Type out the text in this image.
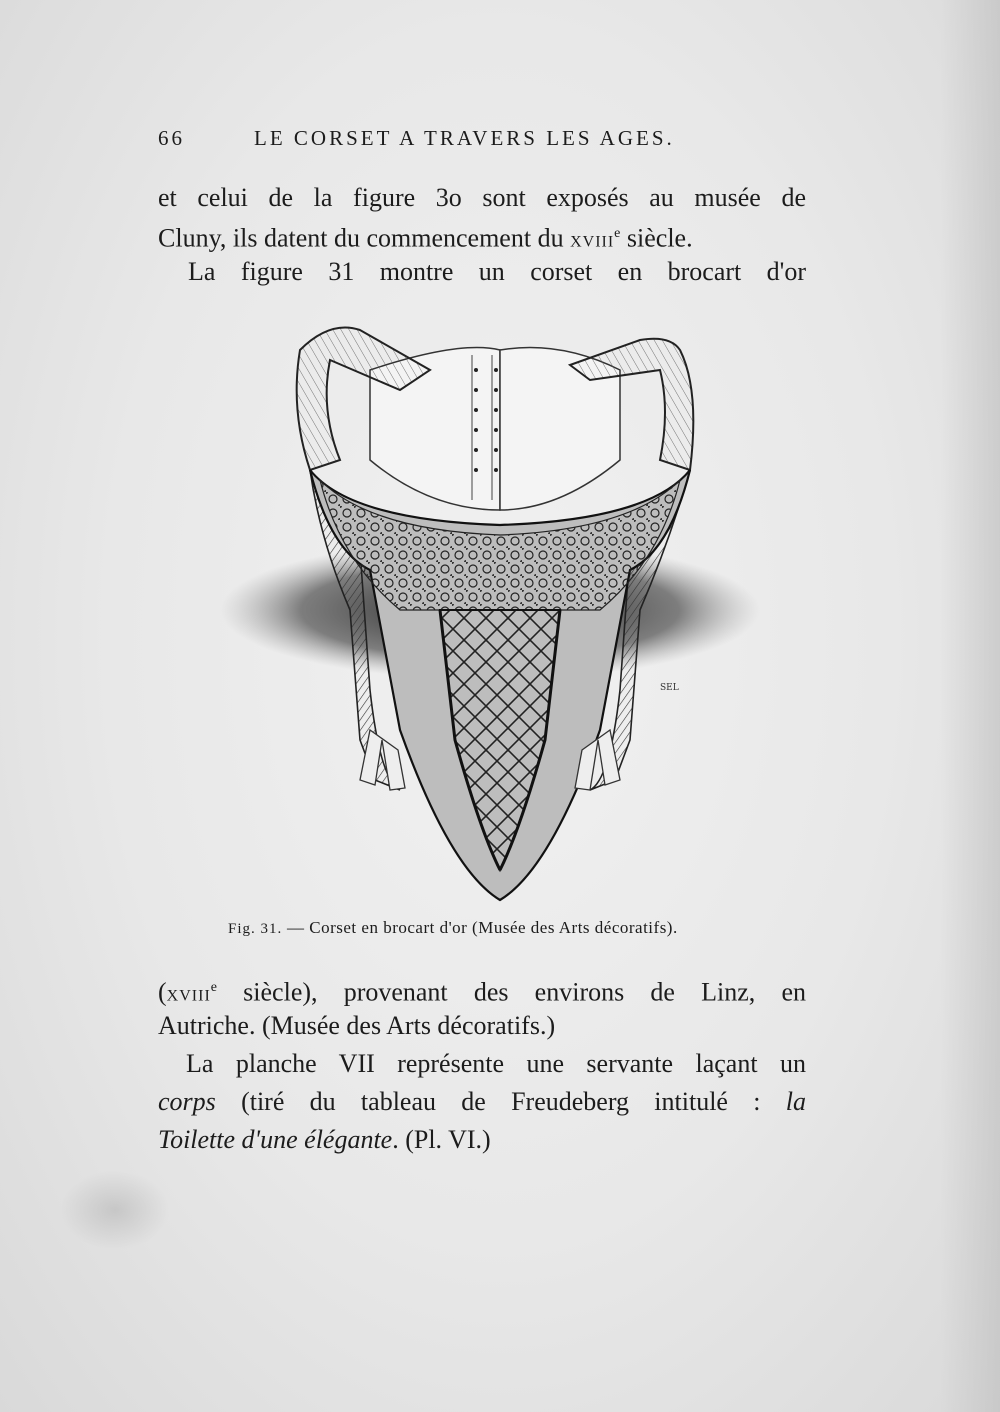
66	LE CORSET A TRAVERS LES AGES.
et celui de la figure 3o sont exposés au musée de
Cluny, ils datent du commencement du XVIIIe siècle.
La figure 31 montre un corset en brocart d'or
SEL
Fig. 31. — Corset en brocart d'or (Musée des Arts décoratifs).
(XVIIIe siècle), provenant des environs de Linz, en
Autriche. (Musée des Arts décoratifs.)
La planche VII représente une servante laçant un
corps (tiré du tableau de Freudeberg intitulé : la
Toilette d'une élégante. (Pl. VI.)
